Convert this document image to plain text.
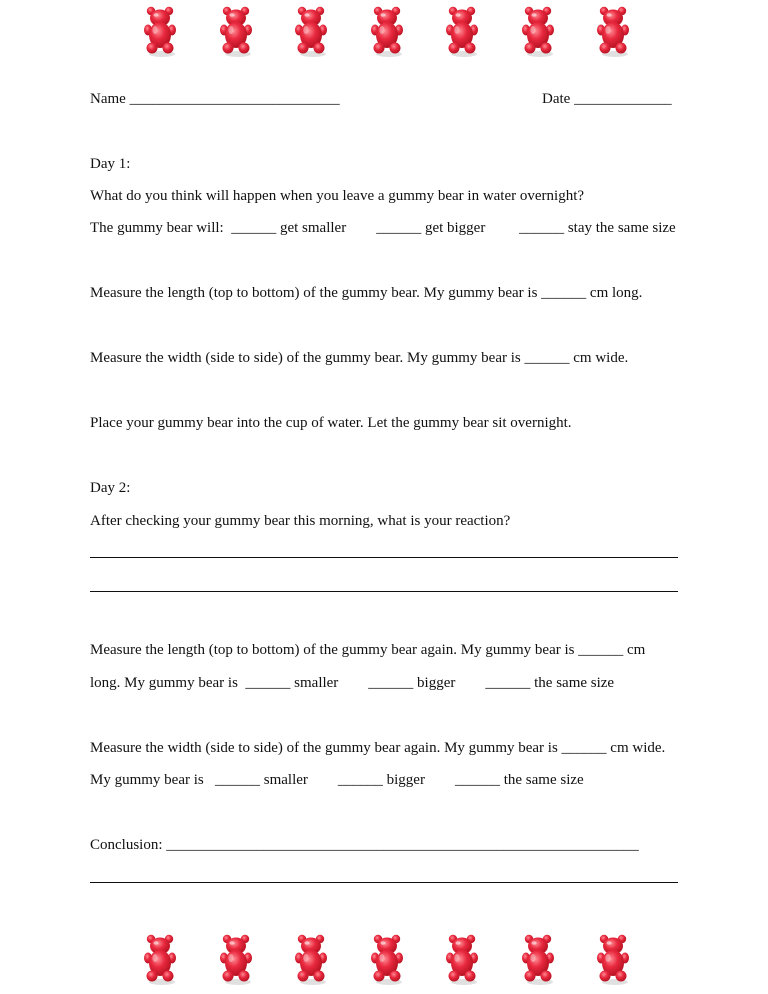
Name ____________________________	Date _____________
Day 1:
What do you think will happen when you leave a gummy bear in water overnight?
The gummy bear will:  ______ get smaller        ______ get bigger         ______ stay the same size
Measure the length (top to bottom) of the gummy bear. My gummy bear is ______ cm long.
Measure the width (side to side) of the gummy bear. My gummy bear is ______ cm wide.
Place your gummy bear into the cup of water. Let the gummy bear sit overnight.
Day 2:
After checking your gummy bear this morning, what is your reaction?
Measure the length (top to bottom) of the gummy bear again. My gummy bear is ______ cm
long. My gummy bear is  ______ smaller        ______ bigger        ______ the same size
Measure the width (side to side) of the gummy bear again. My gummy bear is ______ cm wide.
My gummy bear is   ______ smaller        ______ bigger        ______ the same size
Conclusion: _______________________________________________________________
